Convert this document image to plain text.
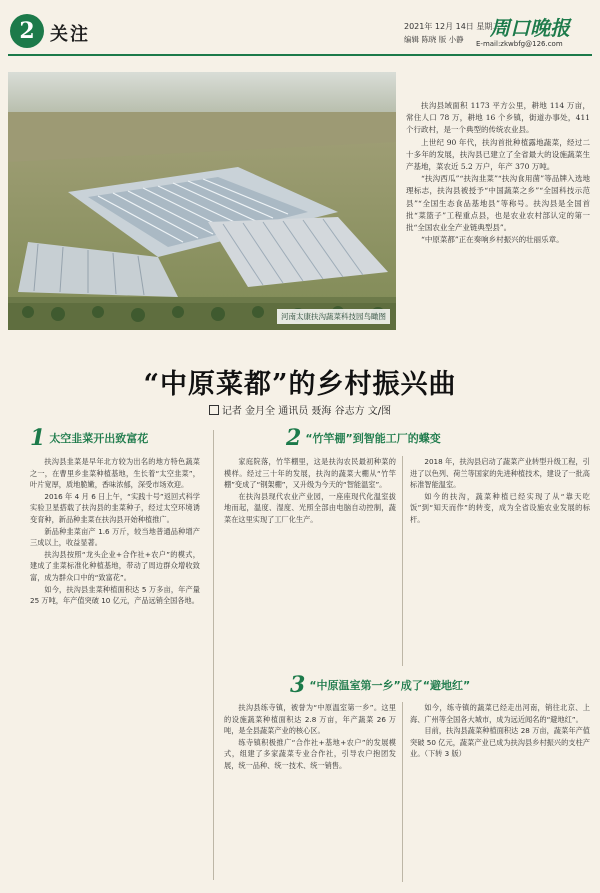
2 关注	2021年 12月 14日 星期二
编辑 陈晓 版 小静 周口晚报
E-mail:zkwbfg@126.com
河南太康扶沟蔬菜科技园鸟瞰图

扶沟县域面积 1173 平方公里，耕地 114 万亩，常住人口 78 万，耕地 16 个乡镇，街道办事处，411 个行政村，是一个典型的传统农业县。

上世纪 90 年代，扶沟首批种植露地蔬菜，经过二十多年的发展，扶沟县已建立了全省最大的设施蔬菜生产基地，菜农近 5.2 万户，年产 370 万吨。

“扶沟西瓜”“扶沟韭菜”“扶沟食用菌”等品牌入选地理标志，扶沟县被授予“中国蔬菜之乡”“全国科技示范县”“全国生态食品基地县”等称号。扶沟县是全国首批“菜篮子”工程重点县，也是农业农村部认定的第一批“全国农业全产业链典型县”。

“中原菜都”正在奏响乡村振兴的壮丽乐章。

“中原菜都”的乡村振兴曲
记者 金月全 通讯员 聂海 谷志方 文/图
1 太空韭菜开出致富花

扶沟县韭菜是早年北方较为出名的地方特色蔬菜之一，在曹里乡韭菜种植基地，生长着“太空韭菜”，叶片宽厚，质地脆嫩，香味浓郁，深受市场欢迎。

2016 年 4 月 6 日上午，“实践十号”返回式科学实验卫星搭载了扶沟县的韭菜种子，经过太空环境诱变育种，新品种韭菜在扶沟县开始种植推广。

新品种韭菜亩产 1.6 万斤，较当地普通品种增产三成以上，收益显著。

扶沟县按照“龙头企业+合作社+农户”的模式，建成了韭菜标准化种植基地，带动了周边群众增收致富，成为群众口中的“致富花”。

如今，扶沟县韭菜种植面积达 5 万多亩，年产量 25 万吨，年产值突破 10 亿元，产品远销全国各地。

2 “竹竿棚”到智能工厂的蝶变

家庭院落，竹竿棚里，这是扶沟农民最初种菜的模样。经过三十年的发展，扶沟的蔬菜大棚从“竹竿棚”变成了“钢架棚”，又升级为今天的“智能温室”。

在扶沟县现代农业产业园，一座座现代化温室拔地而起，温度、湿度、光照全部由电脑自动控制，蔬菜在这里实现了工厂化生产。

2018 年，扶沟县启动了蔬菜产业转型升级工程，引进了以色列、荷兰等国家的先进种植技术，建设了一批高标准智能温室。

如今的扶沟，蔬菜种植已经实现了从“靠天吃饭”到“知天而作”的转变，成为全省设施农业发展的标杆。

3 “中原温室第一乡”成了“避地红”

扶沟县练寺镇，被誉为“中原温室第一乡”。这里的设施蔬菜种植面积达 2.8 万亩，年产蔬菜 26 万吨，是全县蔬菜产业的核心区。

练寺镇积极推广“合作社+基地+农户”的发展模式，组建了多家蔬菜专业合作社，引导农户抱团发展，统一品种、统一技术、统一销售。

如今，练寺镇的蔬菜已经走出河南，销往北京、上海、广州等全国各大城市，成为远近闻名的“避地红”。

目前，扶沟县蔬菜种植面积达 28 万亩，蔬菜年产值突破 50 亿元，蔬菜产业已成为扶沟县乡村振兴的支柱产业。（下转 3 版）
